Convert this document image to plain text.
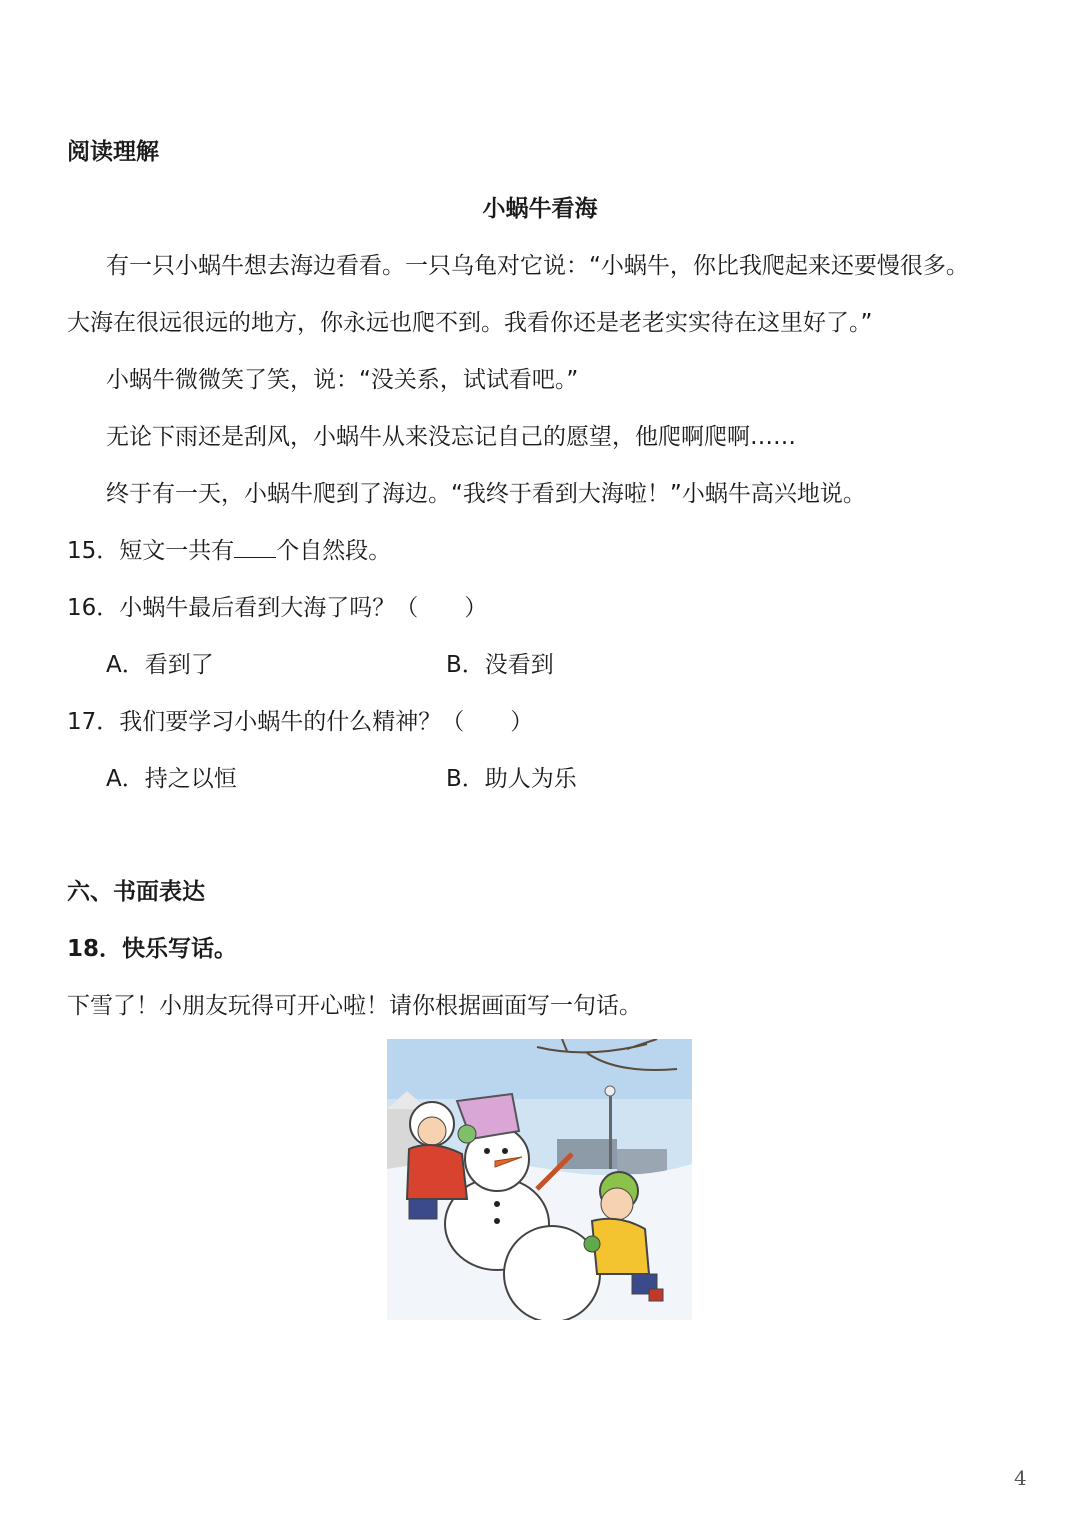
阅读理解
小蜗牛看海
有一只小蜗牛想去海边看看。一只乌龟对它说：“小蜗牛，你比我爬起来还要慢很多。
大海在很远很远的地方，你永远也爬不到。我看你还是老老实实待在这里好了。”
小蜗牛微微笑了笑，说：“没关系，试试看吧。”
无论下雨还是刮风，小蜗牛从来没忘记自己的愿望，他爬啊爬啊……
终于有一天，小蜗牛爬到了海边。“我终于看到大海啦！”小蜗牛高兴地说。
15．短文一共有 个自然段。
16．小蜗牛最后看到大海了吗？（　　）
A．看到了	B．没看到
17．我们要学习小蜗牛的什么精神？（　　）
A．持之以恒	B．助人为乐
六、书面表达
18．快乐写话。
下雪了！小朋友玩得可开心啦！请你根据画面写一句话。
4
